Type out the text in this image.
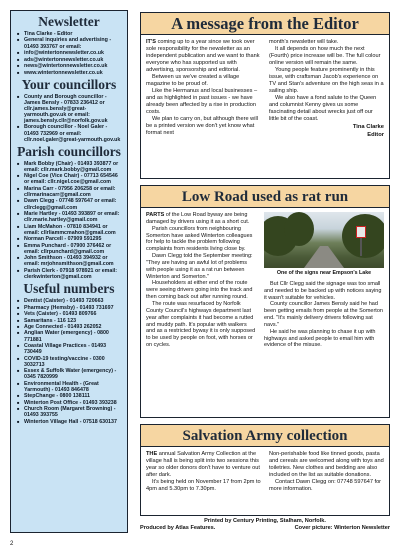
Newsletter
■ Tina Clarke - Editor
■ General inquiries and advertising - 01493 393767 or email:
■ info@wintertonnewsletter.co.uk
■ ads@wintertonnewsletter.co.uk
■ news@wintertonnewsletter.co.uk
■ www.wintertonnewsletter.co.uk
Your councillors
■ County and Borough councillor - James Bensly - 07833 236412 or cllr.james.bensly@great-yarmouth.gov.uk or email: james.bensly.cllr@norfolk.gov.uk
■ Borough councillor - Noel Galer - 01493 732969 or email: cllr.noel.galer@great-yarmouth.gov.uk
Parish councillors
■ Mark Bobby (Chair) - 01493 393877 or email: cllr.mark.bobby@gmail.com
■ Nigel Coe (Vice Chair) - 07713 654546 or email: cllr.nigel.coe@gmail.com
■ Marina Carr - 07956 206258 or email: cllrmarinacarr@gmail.com
■ Dawn Clegg - 07748 597647 or email: cllrclegg@gmail.com
■ Marie Hartley - 01493 393897 or email: cllr.marie.hartley@gmail.com
■ Liam McMahon - 07810 834941 or email: cllrliammcmahon@gmail.com
■ Norman Parcell - 07909 591295
■ Emma Punchard - 07900 376462 or email: cllrpunchard@gmail.com
■ John Smithson - 01493 394932 or email: mrjohnsmithson@gmail.com
■ Parish Clerk - 07918 978921 or email: clerkwinterton@gmail.com
Useful numbers
■ Dentist (Caister) - 01493 720663
■ Pharmacy (Hemsby) - 01493 731697
■ Vets (Caister) - 01493 809766
■ Samaritans - 116 123
■ Age Connected - 01493 262052
■ Anglian Water (emergency) - 0800 771881
■ Coastal Village Practices - 01493 730449
■ COVID-19 testing/vaccine - 0300 3032713
■ Essex & Suffolk Water (emergency) - 0345 7820999
■ Environmental Health - (Great Yarmouth) - 01493 846478
■ StepChange - 0800 138111
■ Winterton Post Office - 01493 393238
■ Church Room (Margaret Browning) - 01493 393755
■ Winterton Village Hall - 07518 630137
A message from the Editor

IT'S coming up to a year since we took over sole responsibility for the newsletter as an independent publication and we want to thank everyone who has supported us with advertising, sponsorship and editorial.

Between us we've created a village magazine to be proud of.

Like the Hermanus and local businesses – and as highlighted in past issues - we have already been affected by a rise in production costs.

We plan to carry on, but although there will be a printed version we don't yet know what format next

month's newsletter will take.

It all depends on how much the next (Fourth) price increase will be. The full colour online version will remain the same.

Young people feature prominently in this issue, with craftsman Jacob's experience on TV and Stan's adventure on the high seas in a sailing ship.

We also have a fond salute to the Queen and columnist Kenny gives us some fascinating detail about wrecks just off our little bit of the coast.

Tina Clarke
Editor
Low Road used as rat run

PARTS of the Low Road byway are being damaged by drivers using it as a short cut.

Parish councillors from neighbouring Somerton have asked Winterton colleagues for help to tackle the problem following complaints from residents living close by.

Dawn Clegg told the September meeting: "They are having an awful lot of problems with people using it as a rat run between Winterton and Somerton."

Householders at either end of the route were seeing drivers going into the track and then coming back out after running round.

The route was resurfaced by Norfolk County Council's highways department last year after complaints it had become a rutted and muddy path. It's popular with walkers and as a restricted byway it is only supposed to be used by people on foot, with horses or on cycles.

One of the signs near Empson's Lake

But Cllr Clegg said the signage was too small and needed to be backed up with notices saying it wasn't suitable for vehicles.

County councillor James Bensly said he had been getting emails from people at the Somerton end. "It's mainly delivery drivers following sat navs."

He said he was planning to chase it up with highways and asked people to email him with evidence of the misuse.

Salvation Army collection

THE annual Salvation Army Collection at the village hall is being split into two sessions this year so older donors don't have to venture out after dark.

It's being held on November 17 from 2pm to 4pm and 5.30pm to 7.30pm.

Non-perishable food like tinned goods, pasta and cereals are welcomed along with toys and toiletries. New clothes and bedding are also included on the list as suitable donations.

Contact Dawn Clegg on: 07748 597647 for more information.

Printed by Century Printing, Stalham, Norfolk.
Produced by Atlas Features.	Cover picture: Winterton Newsletter
2
